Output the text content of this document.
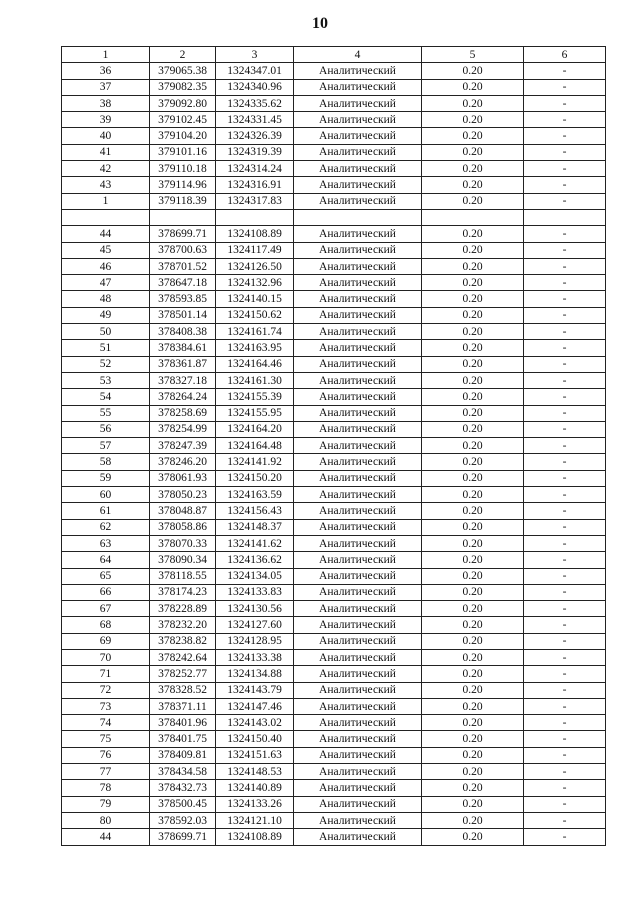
10
1	2	3	4	5	6
36	379065.38	1324347.01	Аналитический	0.20	-
37	379082.35	1324340.96	Аналитический	0.20	-
38	379092.80	1324335.62	Аналитический	0.20	-
39	379102.45	1324331.45	Аналитический	0.20	-
40	379104.20	1324326.39	Аналитический	0.20	-
41	379101.16	1324319.39	Аналитический	0.20	-
42	379110.18	1324314.24	Аналитический	0.20	-
43	379114.96	1324316.91	Аналитический	0.20	-
1	379118.39	1324317.83	Аналитический	0.20	-

44	378699.71	1324108.89	Аналитический	0.20	-
45	378700.63	1324117.49	Аналитический	0.20	-
46	378701.52	1324126.50	Аналитический	0.20	-
47	378647.18	1324132.96	Аналитический	0.20	-
48	378593.85	1324140.15	Аналитический	0.20	-
49	378501.14	1324150.62	Аналитический	0.20	-
50	378408.38	1324161.74	Аналитический	0.20	-
51	378384.61	1324163.95	Аналитический	0.20	-
52	378361.87	1324164.46	Аналитический	0.20	-
53	378327.18	1324161.30	Аналитический	0.20	-
54	378264.24	1324155.39	Аналитический	0.20	-
55	378258.69	1324155.95	Аналитический	0.20	-
56	378254.99	1324164.20	Аналитический	0.20	-
57	378247.39	1324164.48	Аналитический	0.20	-
58	378246.20	1324141.92	Аналитический	0.20	-
59	378061.93	1324150.20	Аналитический	0.20	-
60	378050.23	1324163.59	Аналитический	0.20	-
61	378048.87	1324156.43	Аналитический	0.20	-
62	378058.86	1324148.37	Аналитический	0.20	-
63	378070.33	1324141.62	Аналитический	0.20	-
64	378090.34	1324136.62	Аналитический	0.20	-
65	378118.55	1324134.05	Аналитический	0.20	-
66	378174.23	1324133.83	Аналитический	0.20	-
67	378228.89	1324130.56	Аналитический	0.20	-
68	378232.20	1324127.60	Аналитический	0.20	-
69	378238.82	1324128.95	Аналитический	0.20	-
70	378242.64	1324133.38	Аналитический	0.20	-
71	378252.77	1324134.88	Аналитический	0.20	-
72	378328.52	1324143.79	Аналитический	0.20	-
73	378371.11	1324147.46	Аналитический	0.20	-
74	378401.96	1324143.02	Аналитический	0.20	-
75	378401.75	1324150.40	Аналитический	0.20	-
76	378409.81	1324151.63	Аналитический	0.20	-
77	378434.58	1324148.53	Аналитический	0.20	-
78	378432.73	1324140.89	Аналитический	0.20	-
79	378500.45	1324133.26	Аналитический	0.20	-
80	378592.03	1324121.10	Аналитический	0.20	-
44	378699.71	1324108.89	Аналитический	0.20	-
